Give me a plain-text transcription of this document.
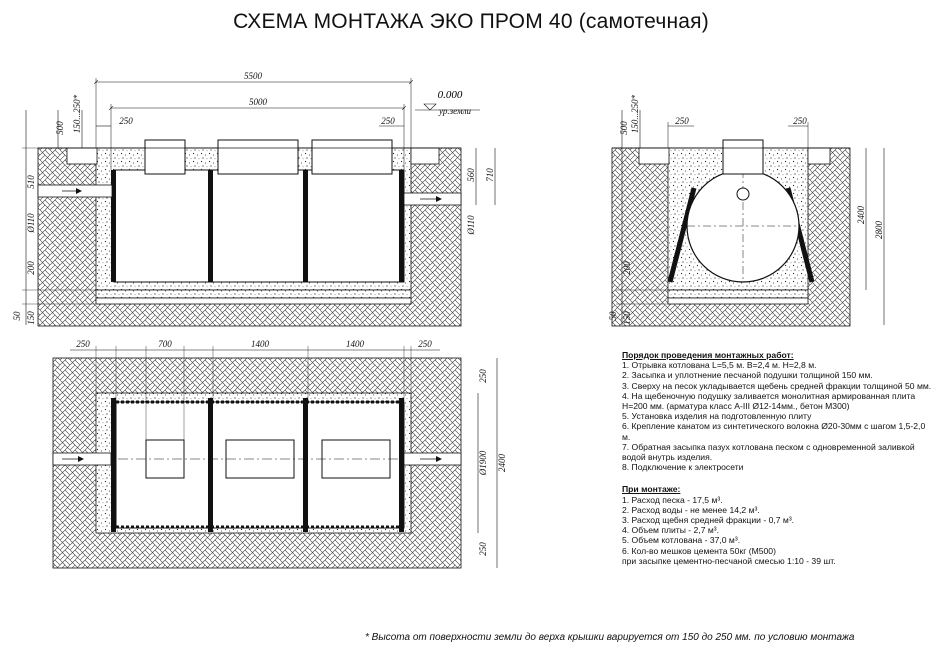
СХЕМА МОНТАЖА ЭКО ПРОМ 40 (самотечная)
5500
5000
250	250
0.000
ур.земли
500 150...250*
510
Ø110
200
50 150
560 710
Ø110
250	250
500 150...250*
200
50 150
2400
2800
250	700	1400	1400	250
250
Ø1900 2400
250
Порядок проведения монтажных работ:
1. Отрывка котлована L=5,5 м. В=2,4 м. Н=2,8 м.
2. Засыпка и уплотнение песчаной подушки толщиной 150 мм.
3. Сверху на песок укладывается щебень средней фракции толщиной 50 мм.
4. На щебеночную подушку заливается монолитная армированная плита Н=200 мм. (арматура класс А-III Ø12-14мм., бетон М300)
5. Установка изделия на подготовленную плиту
6. Крепление канатом из синтетического волокна Ø20-30мм с шагом 1,5-2,0 м.
7. Обратная засыпка пазух котлована песком с одновременной заливкой водой внутрь изделия.
8. Подключение к электросети
При монтаже:
1. Расход песка - 17,5 м³.
2. Расход воды - не менее 14,2 м³.
3. Расход щебня средней фракции - 0,7 м³.
4. Объем плиты - 2,7 м³.
5. Объем котлована - 37,0 м³.
6. Кол-во мешков цемента 50кг (М500)
при засыпке цементно-песчаной смесью 1:10 - 39 шт.
* Высота от поверхности земли до верха крышки варируется от 150 до 250 мм. по условию монтажа
